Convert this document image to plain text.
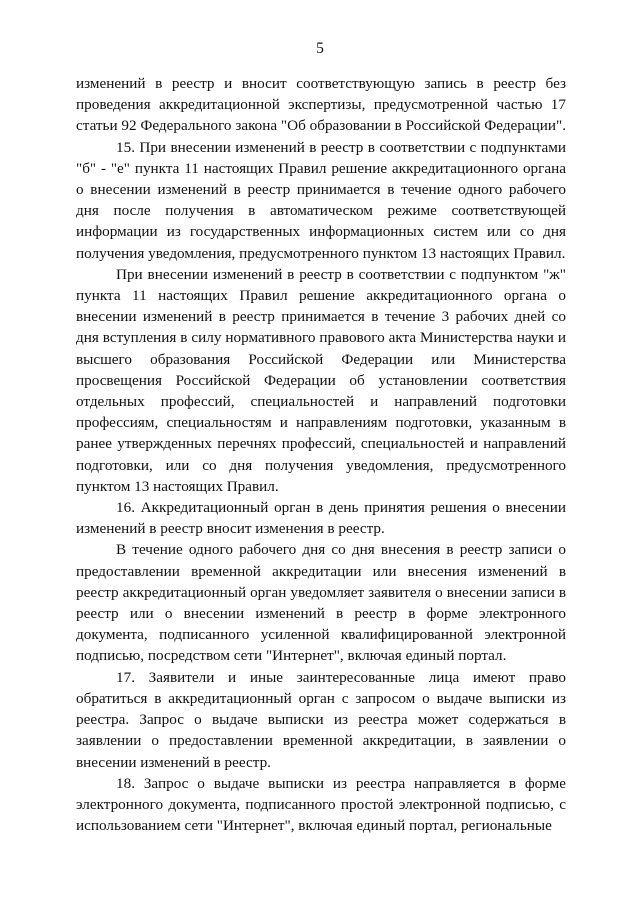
5

изменений в реестр и вносит соответствующую запись в реестр без проведения аккредитационной экспертизы, предусмотренной частью 17 статьи 92 Федерального закона "Об образовании в Российской Федерации".

15. При внесении изменений в реестр в соответствии с подпунктами "б" - "е" пункта 11 настоящих Правил решение аккредитационного органа о внесении изменений в реестр принимается в течение одного рабочего дня после получения в автоматическом режиме соответствующей информации из государственных информационных систем или со дня получения уведомления, предусмотренного пунктом 13 настоящих Правил.

При внесении изменений в реестр в соответствии с подпунктом "ж" пункта 11 настоящих Правил решение аккредитационного органа о внесении изменений в реестр принимается в течение 3 рабочих дней со дня вступления в силу нормативного правового акта Министерства науки и высшего образования Российской Федерации или Министерства просвещения Российской Федерации об установлении соответствия отдельных профессий, специальностей и направлений подготовки профессиям, специальностям и направлениям подготовки, указанным в ранее утвержденных перечнях профессий, специальностей и направлений подготовки, или со дня получения уведомления, предусмотренного пунктом 13 настоящих Правил.

16. Аккредитационный орган в день принятия решения о внесении изменений в реестр вносит изменения в реестр.

В течение одного рабочего дня со дня внесения в реестр записи о предоставлении временной аккредитации или внесения изменений в реестр аккредитационный орган уведомляет заявителя о внесении записи в реестр или о внесении изменений в реестр в форме электронного документа, подписанного усиленной квалифицированной электронной подписью, посредством сети "Интернет", включая единый портал.

17. Заявители и иные заинтересованные лица имеют право обратиться в аккредитационный орган с запросом о выдаче выписки из реестра. Запрос о выдаче выписки из реестра может содержаться в заявлении о предоставлении временной аккредитации, в заявлении о внесении изменений в реестр.

18. Запрос о выдаче выписки из реестра направляется в форме электронного документа, подписанного простой электронной подписью, с использованием сети "Интернет", включая единый портал, региональные
